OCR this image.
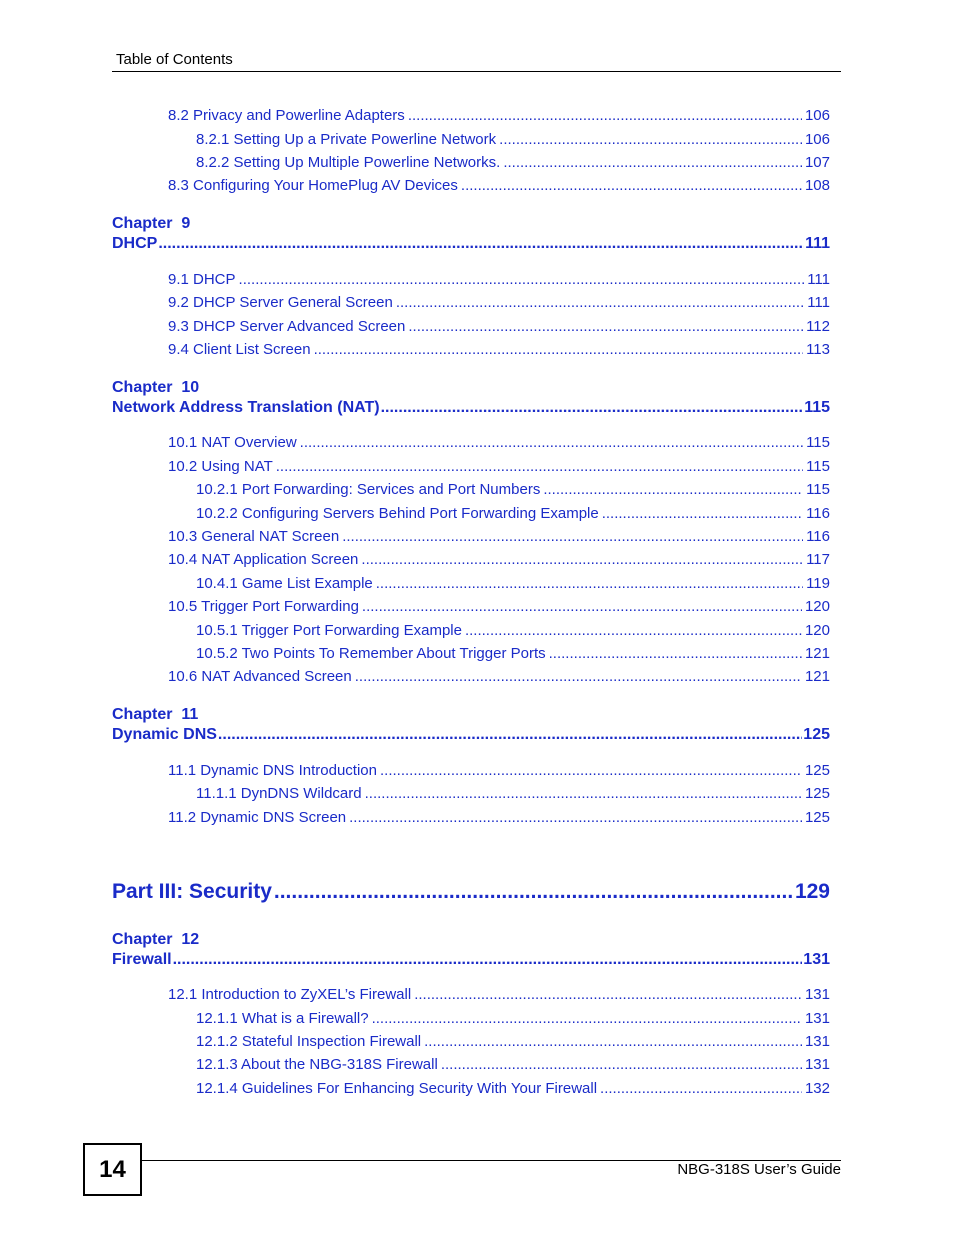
Table of Contents
8.2 Privacy and Powerline Adapters .....	106
8.2.1 Setting Up a Private Powerline Network .....	106
8.2.2 Setting Up Multiple Powerline Networks. .....	107
8.3 Configuring Your HomePlug AV Devices .....	108
Chapter  9
DHCP .....	111
9.1 DHCP .....	111
9.2 DHCP Server General Screen .....	111
9.3 DHCP Server Advanced Screen .....	112
9.4 Client List Screen .....	113
Chapter  10
Network Address Translation (NAT) .....	115
10.1 NAT Overview .....	115
10.2 Using NAT .....	115
10.2.1 Port Forwarding: Services and Port Numbers .....	115
10.2.2 Configuring Servers Behind Port Forwarding Example .....	116
10.3 General NAT Screen .....	116
10.4 NAT Application Screen .....	117
10.4.1 Game List Example .....	119
10.5 Trigger Port Forwarding .....	120
10.5.1 Trigger Port Forwarding Example .....	120
10.5.2 Two Points To Remember About Trigger Ports .....	121
10.6 NAT Advanced Screen .....	121
Chapter  11
Dynamic DNS .....	125
11.1 Dynamic DNS Introduction .....	125
11.1.1 DynDNS Wildcard .....	125
11.2 Dynamic DNS Screen .....	125
Part III: Security .....	129
Chapter  12
Firewall .....	131
12.1 Introduction to ZyXEL’s Firewall .....	131
12.1.1 What is a Firewall? .....	131
12.1.2 Stateful Inspection Firewall .....	131
12.1.3 About the NBG-318S Firewall .....	131
12.1.4 Guidelines For Enhancing Security With Your Firewall .....	132
14	NBG-318S User’s Guide
